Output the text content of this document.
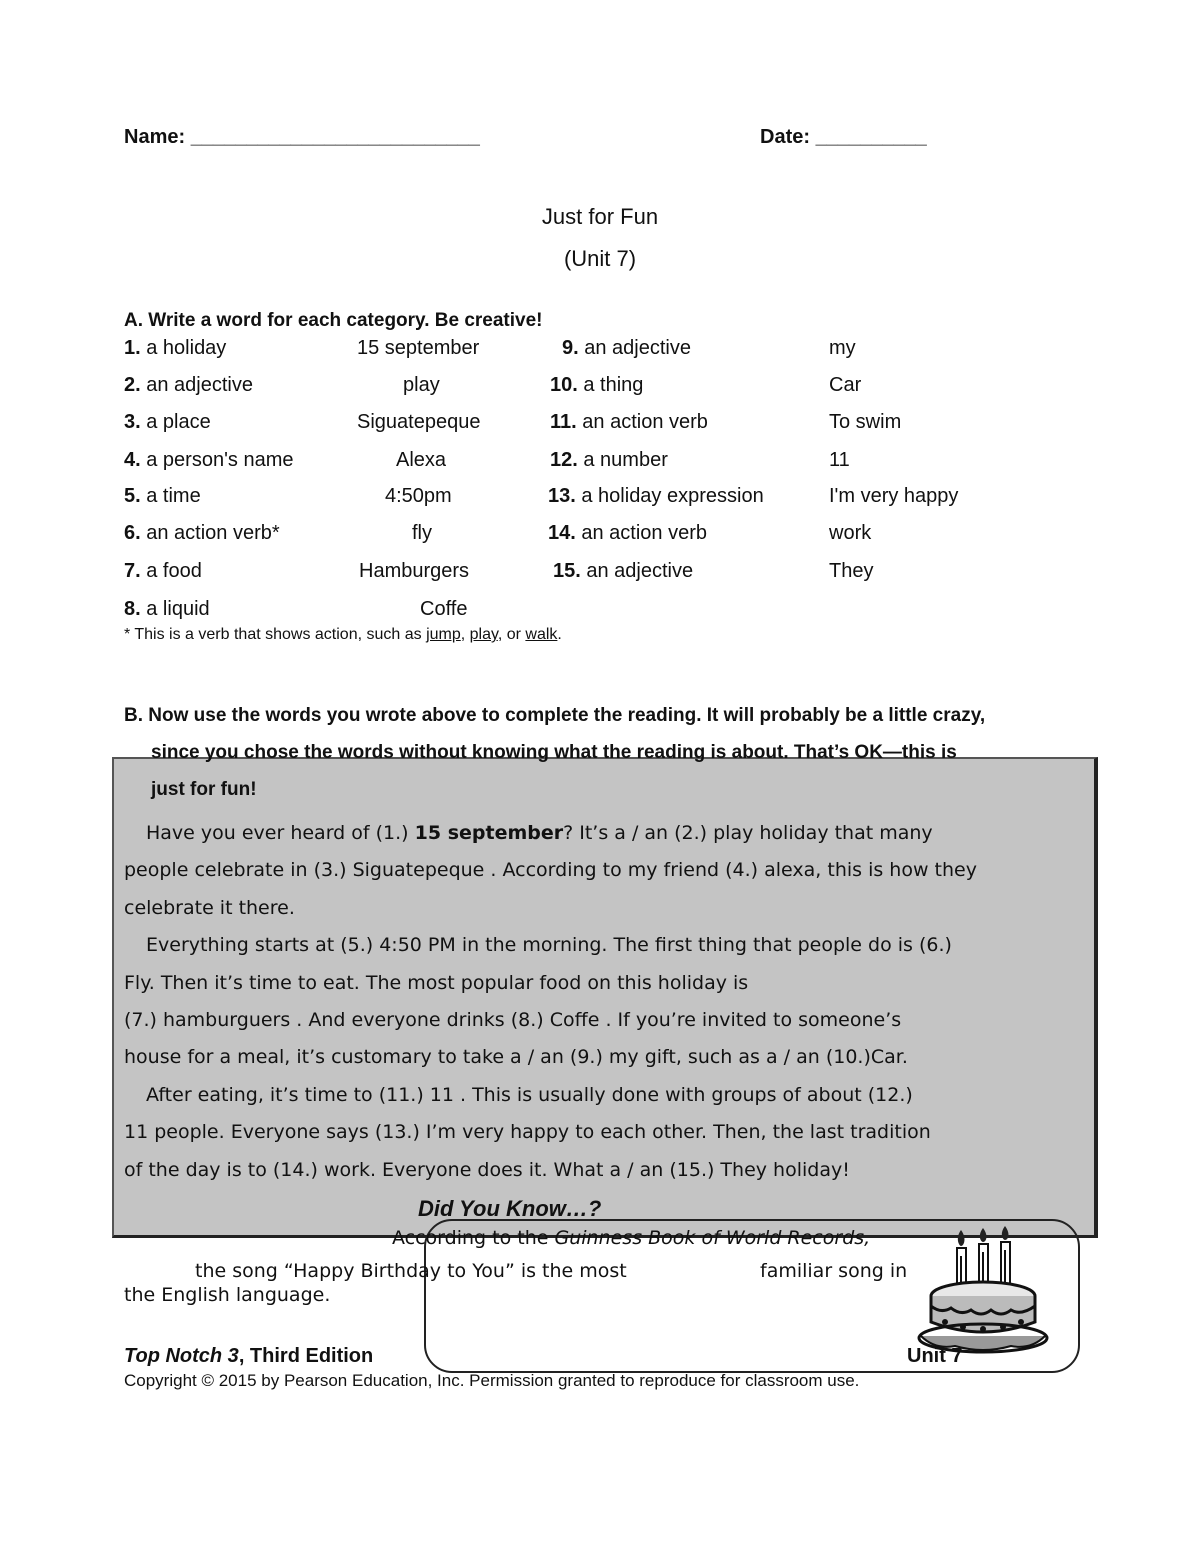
Name: __________________________	Date: __________
Just for Fun
(Unit 7)
A. Write a word for each category. Be creative!
1. a holiday	15 september
2. an adjective	play
3. a place	Siguatepeque
4. a person's name	Alexa
5. a time	4:50pm
6. an action verb*	fly
7. a food	Hamburgers
8. a liquid	Coffe
9. an adjective	my
10. a thing	Car
11. an action verb	To swim
12. a number	11
13. a holiday expression	I'm very happy
14. an action verb	work
15. an adjective	They
* This is a verb that shows action, such as jump, play, or walk.
B. Now use the words you wrote above to complete the reading. It will probably be a little crazy,
since you chose the words without knowing what the reading is about. That’s OK—this is
just for fun!
Have you ever heard of (1.) 15 september? It’s a / an (2.) play holiday that many
people celebrate in (3.) Siguatepeque . According to my friend (4.) alexa, this is how they
celebrate it there.
Everything starts at (5.) 4:50 PM in the morning. The first thing that people do is (6.)
Fly. Then it’s time to eat. The most popular food on this holiday is
(7.) hamburguers . And everyone drinks (8.) Coffe . If you’re invited to someone’s
house for a meal, it’s customary to take a / an (9.) my gift, such as a / an (10.)Car.
After eating, it’s time to (11.) 11 . This is usually done with groups of about (12.)
11 people. Everyone says (13.) I’m very happy to each other. Then, the last tradition
of the day is to (14.) work. Everyone does it. What a / an (15.) They holiday!
Did You Know…?
According to the Guinness Book of World Records,
the song “Happy Birthday to You” is the most	familiar song in
the English language.
Top Notch 3, Third Edition	Unit 7
Copyright © 2015 by Pearson Education, Inc. Permission granted to reproduce for classroom use.
